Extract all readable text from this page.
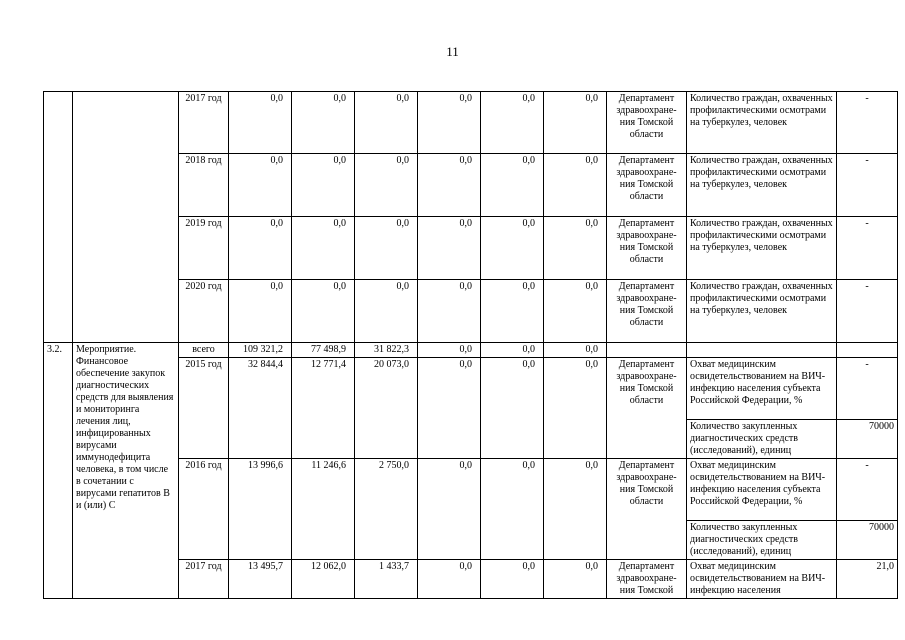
11
		2017 год	0,0	0,0	0,0	0,0	0,0	0,0	Департамент здравоохране-ния Томской области	Количество граждан, охваченных профилактическими осмотрами на туберкулез, человек	-
		2018 год	0,0	0,0	0,0	0,0	0,0	0,0	Департамент здравоохране-ния Томской области	Количество граждан, охваченных профилактическими осмотрами на туберкулез, человек	-
		2019 год	0,0	0,0	0,0	0,0	0,0	0,0	Департамент здравоохране-ния Томской области	Количество граждан, охваченных профилактическими осмотрами на туберкулез, человек	-
		2020 год	0,0	0,0	0,0	0,0	0,0	0,0	Департамент здравоохране-ния Томской области	Количество граждан, охваченных профилактическими осмотрами на туберкулез, человек	-
3.2.	Мероприятие. Финансовое обеспечение закупок диагностических средств для выявления и мониторинга лечения лиц, инфицированных вирусами иммунодефицита человека, в том числе в сочетании с вирусами гепатитов B и (или) C	всего	109 321,2	77 498,9	31 822,3	0,0	0,0	0,0			
		2015 год	32 844,4	12 771,4	20 073,0	0,0	0,0	0,0	Департамент здравоохране-ния Томской области	Охват медицинским освидетельствованием на ВИЧ-инфекцию населения субъекта Российской Федерации, %	-
										Количество закупленных диагностических средств (исследований), единиц	70000
		2016 год	13 996,6	11 246,6	2 750,0	0,0	0,0	0,0	Департамент здравоохране-ния Томской области	Охват медицинским освидетельствованием на ВИЧ-инфекцию населения субъекта Российской Федерации, %	-
										Количество закупленных диагностических средств (исследований), единиц	70000
		2017 год	13 495,7	12 062,0	1 433,7	0,0	0,0	0,0	Департамент здравоохране-ния Томской	Охват медицинским освидетельствованием на ВИЧ-инфекцию населения	21,0
